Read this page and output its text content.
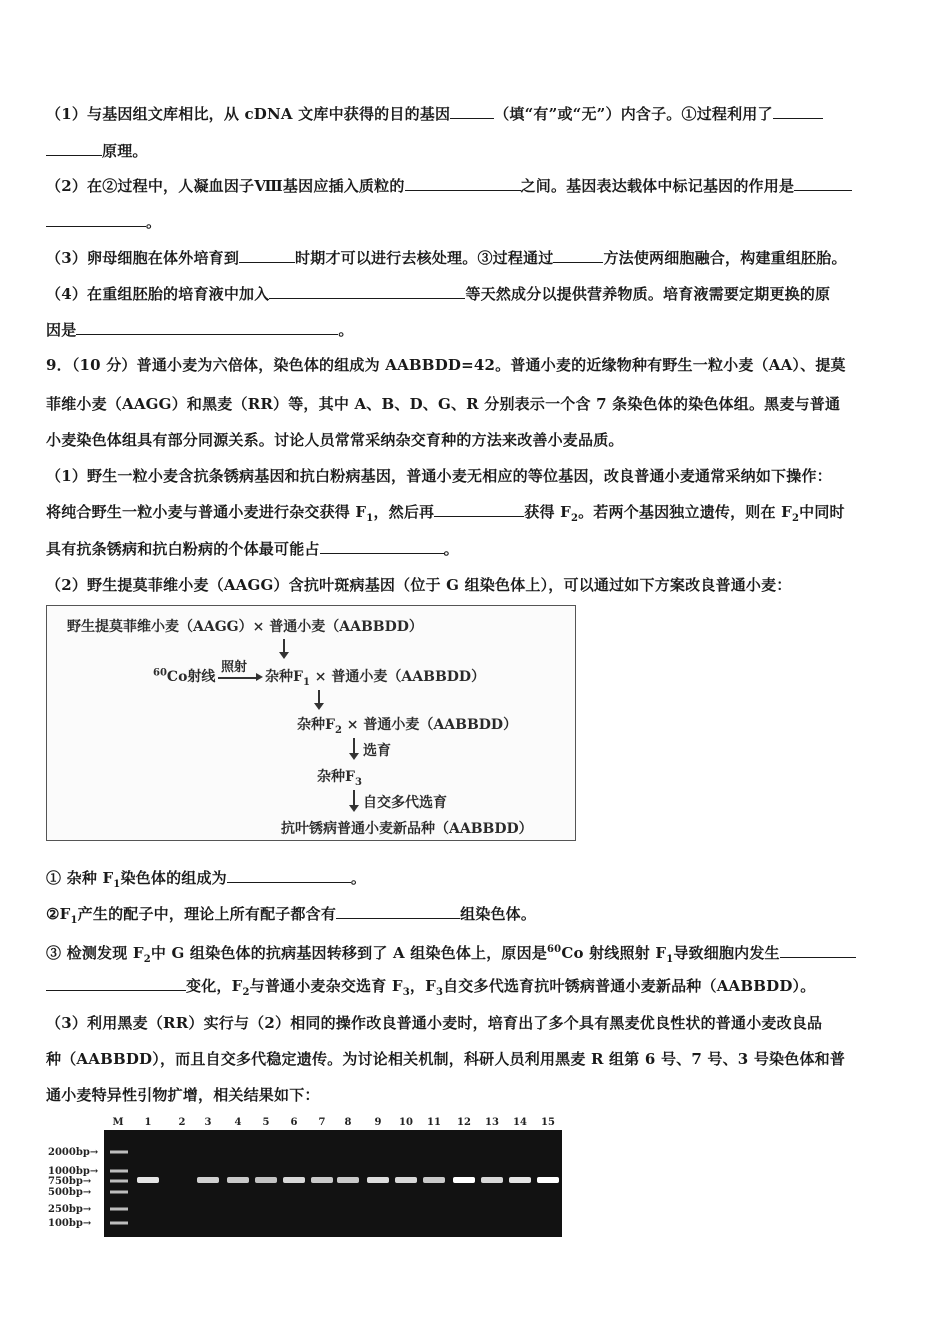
（1）与基因组文库相比，从 cDNA 文库中获得的目的基因	（填“有”或“无”）内含子。①过程利用了
原理。
（2）在②过程中，人凝血因子Ⅷ基因应插入质粒的	之间。基因表达载体中标记基因的作用是
。
（3）卵母细胞在体外培育到	时期才可以进行去核处理。③过程通过	方法使两细胞融合，构建重组胚胎。
（4）在重组胚胎的培育液中加入	等天然成分以提供营养物质。培育液需要定期更换的原
因是	。
9．（10 分）普通小麦为六倍体，染色体的组成为 AABBDD=42。普通小麦的近缘物种有野生一粒小麦（AA）、提莫
菲维小麦（AAGG）和黑麦（RR）等，其中 A、B、D、G、R 分别表示一个含 7 条染色体的染色体组。黑麦与普通
小麦染色体组具有部分同源关系。讨论人员常常采纳杂交育种的方法来改善小麦品质。
（1）野生一粒小麦含抗条锈病基因和抗白粉病基因，普通小麦无相应的等位基因，改良普通小麦通常采纳如下操作：
将纯合野生一粒小麦与普通小麦进行杂交获得 $F_1$，然后再	获得 $F_2$。若两个基因独立遗传，则在 $F_2$中同时
具有抗条锈病和抗白粉病的个体最可能占	。
（2）野生提莫菲维小麦（AAGG）含抗叶斑病基因（位于 G 组染色体上），可以通过如下方案改良普通小麦：
野生提莫菲维小麦（AAGG）× 普通小麦（AABBDD）
$^{60}$Co射线
照射
杂种$F_1$ × 普通小麦（AABBDD）
杂种$F_2$ × 普通小麦（AABBDD）
选育
杂种$F_3$
自交多代选育
抗叶锈病普通小麦新品种（AABBDD）
① 杂种 $F_1$染色体的组成为	。
$②F_1$产生的配子中，理论上所有配子都含有	组染色体。
③ 检测发现 $F_2$中 G 组染色体的抗病基因转移到了 A 组染色体上，原因是$^{60}$Co 射线照射 $F_1$导致细胞内发生
变化，$F_2$与普通小麦杂交选育 $F_3$，$F_3$自交多代选育抗叶锈病普通小麦新品种（AABBDD）。
（3）利用黑麦（RR）实行与（2）相同的操作改良普通小麦时，培育出了多个具有黑麦优良性状的普通小麦改良品
种（AABBDD），而且自交多代稳定遗传。为讨论相关机制，科研人员利用黑麦 R 组第 6 号、7 号、3 号染色体和普
通小麦特异性引物扩增，相关结果如下：
M 1	2 3 4 5 6 7 8 9 10 11 12 13 14 15
2000bp→
1000bp→
750bp→
500bp→
250bp→
100bp→
